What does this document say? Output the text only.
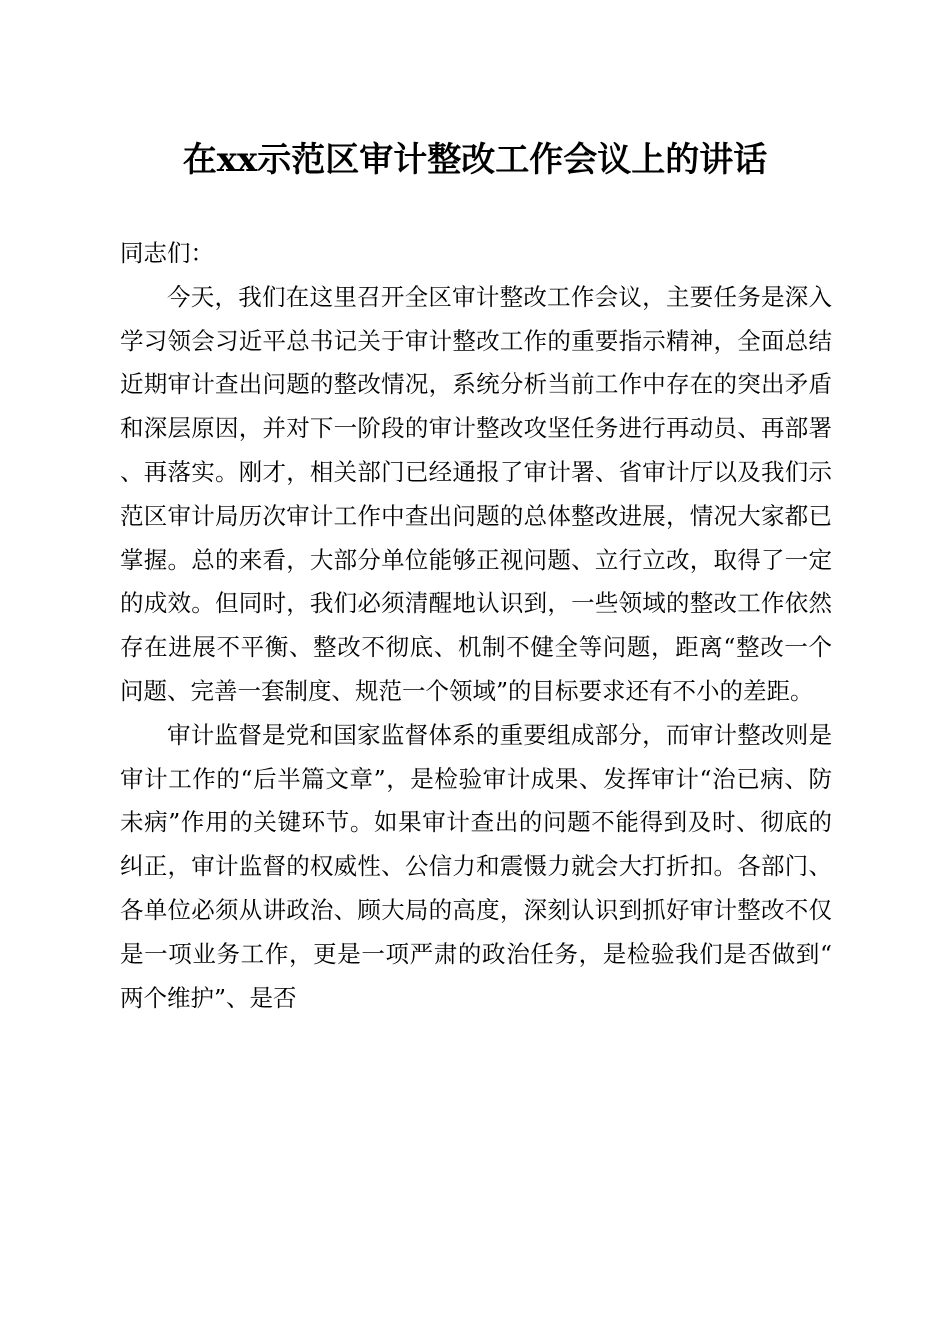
在xx示范区审计整改工作会议上的讲话

同志们：

今天，我们在这里召开全区审计整改工作会议，主要任务是深入学习领会习近平总书记关于审计整改工作的重要指示精神，全面总结近期审计查出问题的整改情况，系统分析当前工作中存在的突出矛盾和深层原因，并对下一阶段的审计整改攻坚任务进行再动员、再部署、再落实。刚才，相关部门已经通报了审计署、省审计厅以及我们示范区审计局历次审计工作中查出问题的总体整改进展，情况大家都已掌握。总的来看，大部分单位能够正视问题、立行立改，取得了一定的成效。但同时，我们必须清醒地认识到，一些领域的整改工作依然存在进展不平衡、整改不彻底、机制不健全等问题，距离“整改一个问题、完善一套制度、规范一个领域”的目标要求还有不小的差距。

审计监督是党和国家监督体系的重要组成部分，而审计整改则是审计工作的“后半篇文章”，是检验审计成果、发挥审计“治已病、防未病”作用的关键环节。如果审计查出的问题不能得到及时、彻底的纠正，审计监督的权威性、公信力和震慑力就会大打折扣。各部门、各单位必须从讲政治、顾大局的高度，深刻认识到抓好审计整改不仅是一项业务工作，更是一项严肃的政治任务，是检验我们是否做到“两个维护”、是否
